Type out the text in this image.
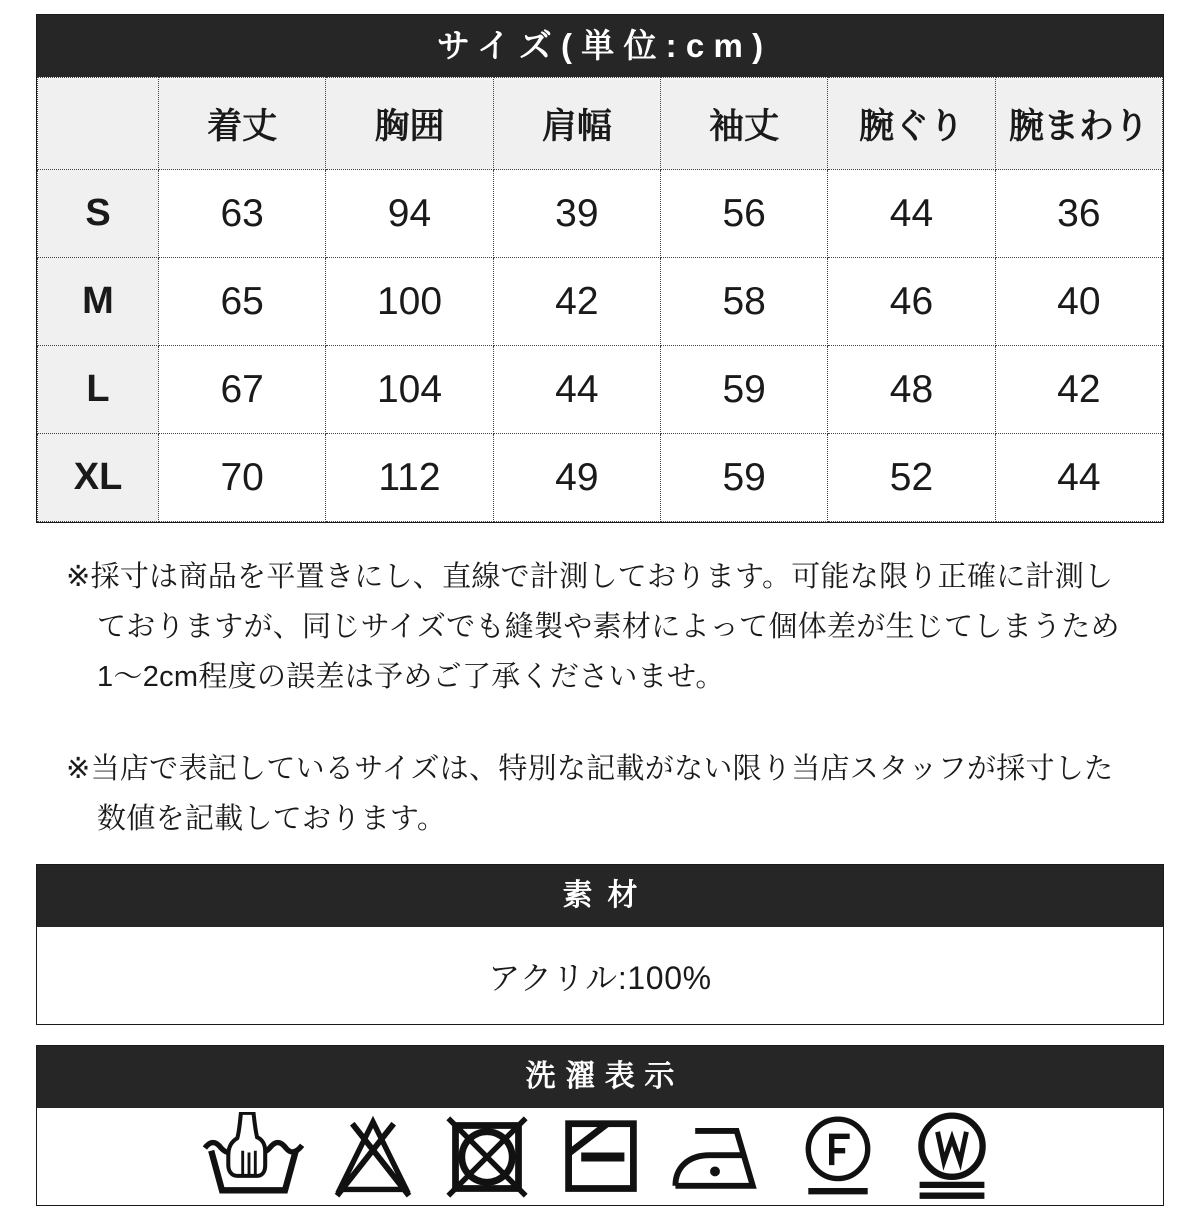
サイズ(単位:cm)
	着丈	胸囲	肩幅	袖丈	腕ぐり	腕まわり
S	63	94	39	56	44	36
M	65	100	42	58	46	40
L	67	104	44	59	48	42
XL	70	112	49	59	52	44

※採寸は商品を平置きにし、直線で計測しております。可能な限り正確に計測しておりますが、同じサイズでも縫製や素材によって個体差が生じてしまうため1〜2cm程度の誤差は予めご了承くださいませ。

※当店で表記しているサイズは、特別な記載がない限り当店スタッフが採寸した数値を記載しております。

素材
アクリル:100%
洗濯表示
